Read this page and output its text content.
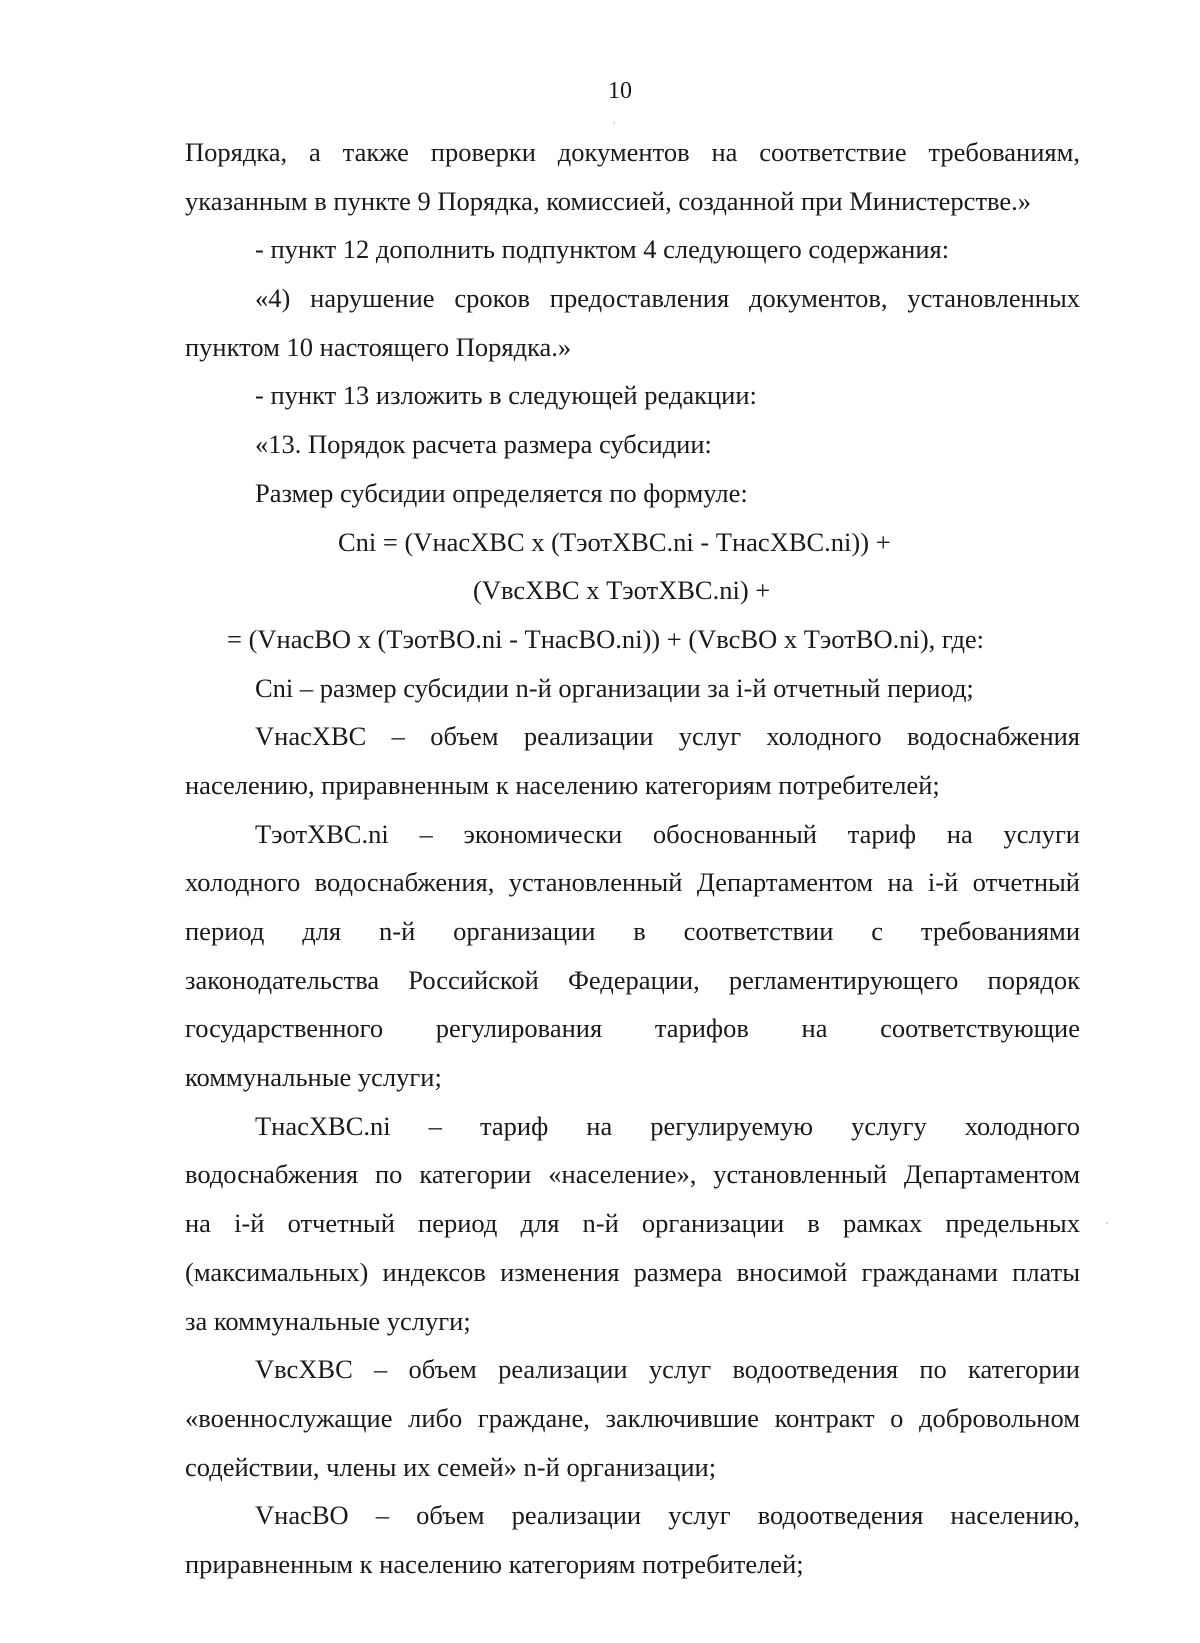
10
Порядка, а также проверки документов на соответствие требованиям,
указанным в пункте 9 Порядка, комиссией, созданной при Министерстве.»
- пункт 12 дополнить подпунктом 4 следующего содержания:
«4) нарушение сроков предоставления документов, установленных
пунктом 10 настоящего Порядка.»
- пункт 13 изложить в следующей редакции:
«13. Порядок расчета размера субсидии:
Размер субсидии определяется по формуле:
Cni = (VнасХВС x (ТэотХВС.ni - ТнасХВС.ni)) +
(VвсХВС x ТэотХВС.ni) +
= (VнасВО x (ТэотВО.ni - ТнасВО.ni)) + (VвсВО x ТэотВО.ni), где:
Cni – размер субсидии n-й организации за i-й отчетный период;
VнасХВС – объем реализации услуг холодного водоснабжения
населению, приравненным к населению категориям потребителей;
ТэотХВС.ni – экономически обоснованный тариф на услуги
холодного водоснабжения, установленный Департаментом на i-й отчетный
период для n-й организации в соответствии с требованиями
законодательства Российской Федерации, регламентирующего порядок
государственного регулирования тарифов на соответствующие
коммунальные услуги;
ТнасХВС.ni – тариф на регулируемую услугу холодного
водоснабжения по категории «население», установленный Департаментом
на i-й отчетный период для n-й организации в рамках предельных
(максимальных) индексов изменения размера вносимой гражданами платы
за коммунальные услуги;
VвсХВС – объем реализации услуг водоотведения по категории
«военнослужащие либо граждане, заключившие контракт о добровольном
содействии, члены их семей» n-й организации;
VнасВО – объем реализации услуг водоотведения населению,
приравненным к населению категориям потребителей;
